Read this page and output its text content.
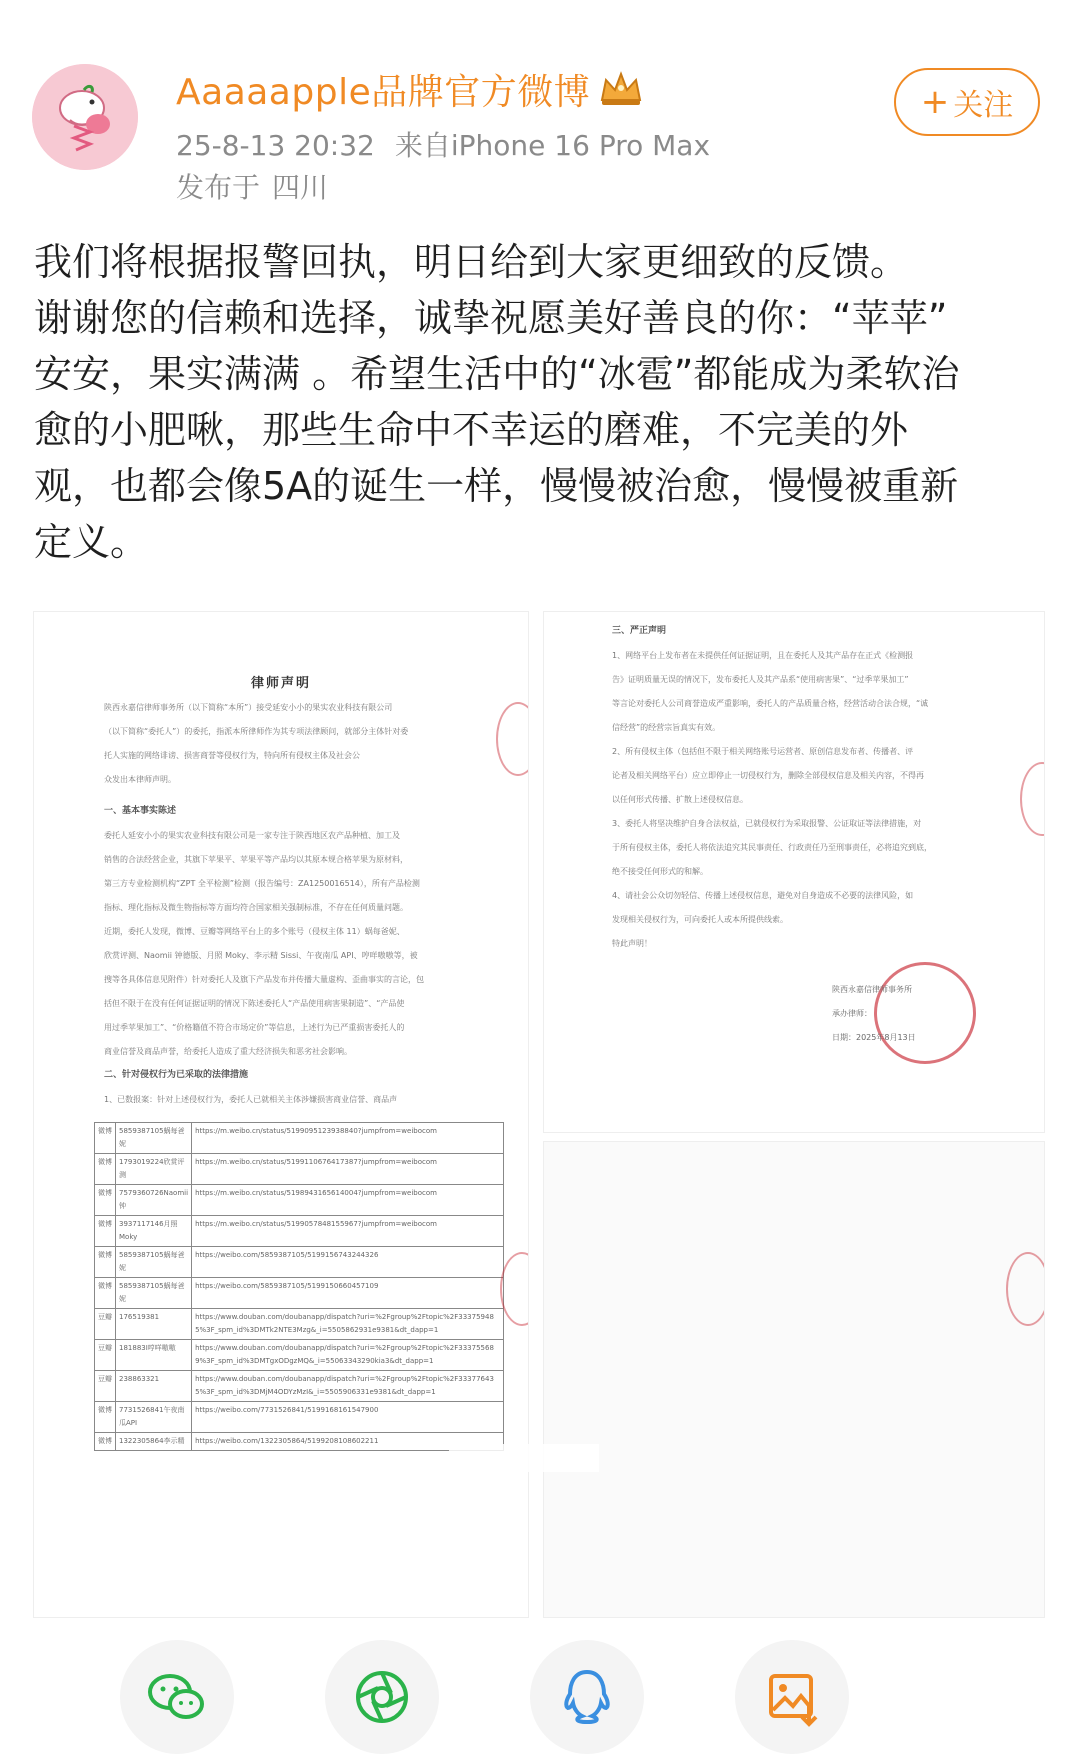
Aaaaapple品牌官方微博
25-8-13 20:32 来自iPhone 16 Pro Max
发布于 四川
+ 关注

我们将根据报警回执，明日给到大家更细致的反馈。

谢谢您的信赖和选择，诚挚祝愿美好善良的你：“苹苹”

安安，果实满满 。希望生活中的“冰雹”都能成为柔软治

愈的小肥啾，那些生命中不幸运的磨难，不完美的外

观，也都会像5A的诞生一样，慢慢被治愈，慢慢被重新

定义。

律师声明
陕西永嘉信律师事务所（以下简称“本所”）接受延安小小的果实农业科技有限公司
（以下简称“委托人”）的委托，指派本所律师作为其专项法律顾问，就部分主体针对委
托人实施的网络诽谤、损害商誉等侵权行为，特向所有侵权主体及社会公
众发出本律师声明。
一、基本事实陈述
委托人延安小小的果实农业科技有限公司是一家专注于陕西地区农产品种植、加工及
销售的合法经营企业，其旗下苹果平、苹果平等产品均以其原本规合格苹果为原材料，
第三方专业检测机构“ZPT 全平检测”检测（报告编号：ZA1250016514），所有产品检测
指标、理化指标及微生物指标等方面均符合国家相关强制标准，不存在任何质量问题。
近期，委托人发现，微博、豆瓣等网络平台上的多个账号（侵权主体 11）蜗每爸妮、
欣赏评测、Naomii 钟德版、月照 Moky、李示精 Sissi、午夜南瓜 API、哼咩嗷嗷等，被
搜等各具体信息见附件）针对委托人及旗下产品发布并传播大量虚构、歪曲事实的言论，包
括但不限于在没有任何证据证明的情况下陈述委托人“产品使用病害果制造”、“产品使
用过季苹果加工”、“价格籍值不符合市场定价”等信息，上述行为已严重损害委托人的
商业信誉及商品声誉，给委托人造成了重大经济损失和恶劣社会影响。
二、针对侵权行为已采取的法律措施
1、已数报案：针对上述侵权行为，委托人已就相关主体涉嫌损害商业信誉、商品声
微博	5859387105蜗每爸妮	https://m.weibo.cn/status/5199095123938840?jumpfrom=weibocom
微博	1793019224欣赏评测	https://m.weibo.cn/status/5199110676417387?jumpfrom=weibocom
微博	7579360726Naomii钟	https://m.weibo.cn/status/5198943165614004?jumpfrom=weibocom
微博	3937117146月照Moky	https://m.weibo.cn/status/5199057848155967?jumpfrom=weibocom
微博	5859387105蜗每爸妮	https://weibo.com/5859387105/5199156743244326
微博	5859387105蜗每爸妮	https://weibo.com/5859387105/5199150660457109
豆瓣	176519381	https://www.douban.com/doubanapp/dispatch?uri=%2Fgroup%2Ftopic%2F333759485%3F_spm_id%3DMTk2NTE3Mzg&_i=5505862931e9381&dt_dapp=1
豆瓣	181883I哼咩嗷嗷	https://www.douban.com/doubanapp/dispatch?uri=%2Fgroup%2Ftopic%2F333755689%3F_spm_id%3DMTgxODgzMQ&_i=55063343290kia3&dt_dapp=1
豆瓣	238863321	https://www.douban.com/doubanapp/dispatch?uri=%2Fgroup%2Ftopic%2F333776435%3F_spm_id%3DMjM4ODYzMzI&_i=5505906331e9381&dt_dapp=1
微博	7731526841午夜南瓜API	https://weibo.com/7731526841/5199168161547900
微博	1322305864李示精	https://weibo.com/1322305864/5199208108602211
三、严正声明
1、网络平台上发布者在未提供任何证据证明，且在委托人及其产品存在正式《检测报
告》证明质量无误的情况下，发布委托人及其产品系“使用病害果”、“过季苹果加工”
等言论对委托人公司商誉造成严重影响，委托人的产品质量合格，经营活动合法合规，“诚
信经营”的经营宗旨真实有效。
2、所有侵权主体（包括但不限于相关网络账号运营者、原创信息发布者、传播者、评
论者及相关网络平台）应立即停止一切侵权行为，删除全部侵权信息及相关内容，不得再
以任何形式传播、扩散上述侵权信息。
3、委托人将坚决维护自身合法权益，已就侵权行为采取报警、公证取证等法律措施，对
于所有侵权主体，委托人将依法追究其民事责任、行政责任乃至刑事责任，必将追究到底，
绝不接受任何形式的和解。
4、请社会公众切勿轻信、传播上述侵权信息，避免对自身造成不必要的法律风险，如
发现相关侵权行为，可向委托人或本所提供线索。
特此声明！
陕西永嘉信律师事务所
承办律师：
日期：2025年8月13日
